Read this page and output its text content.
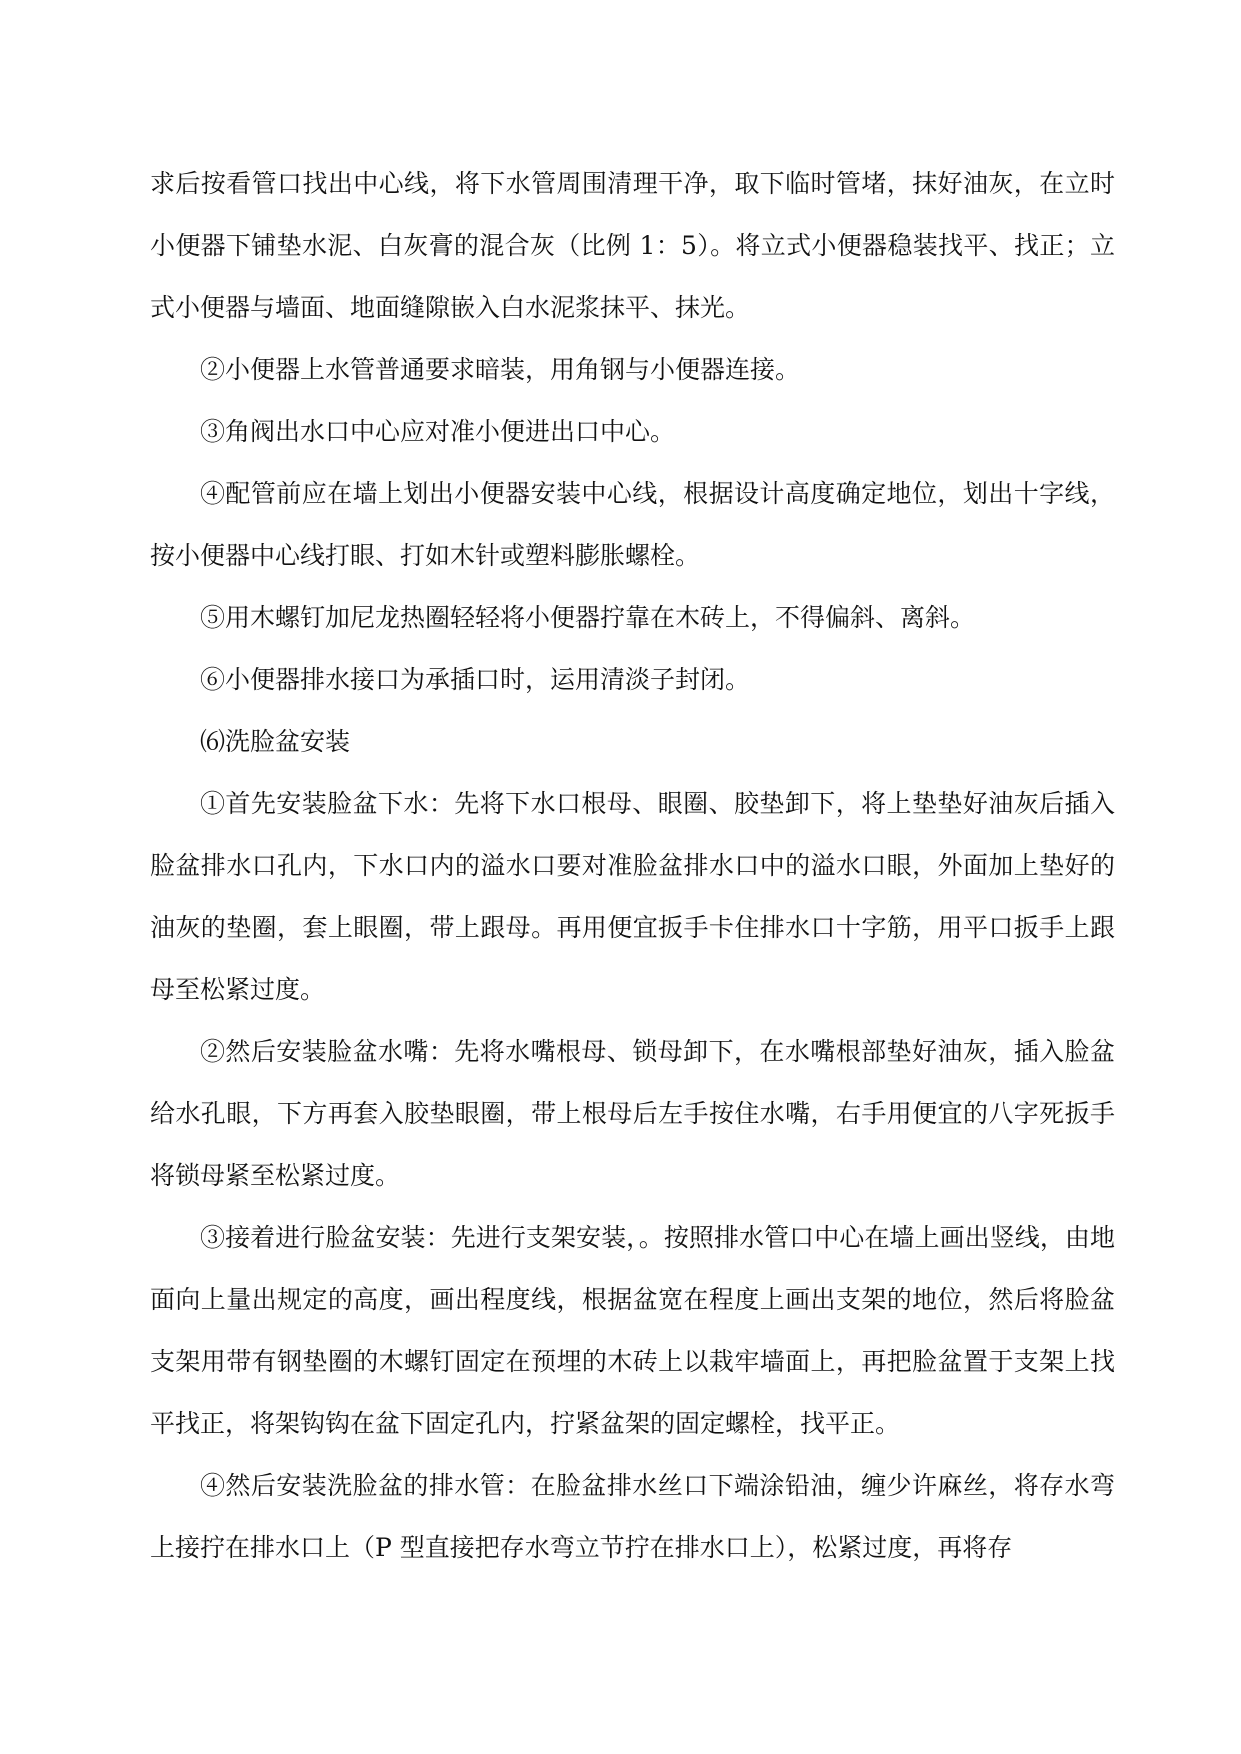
求后按看管口找出中心线，将下水管周围清理干净，取下临时管堵，抹好油灰，在立时小便器下铺垫水泥、白灰膏的混合灰（比例 1：5）。将立式小便器稳装找平、找正；立式小便器与墙面、地面缝隙嵌入白水泥浆抹平、抹光。

②小便器上水管普通要求暗装，用角钢与小便器连接。

③角阀出水口中心应对准小便进出口中心。

④配管前应在墙上划出小便器安装中心线，根据设计高度确定地位，划出十字线，按小便器中心线打眼、打如木针或塑料膨胀螺栓。

⑤用木螺钉加尼龙热圈轻轻将小便器拧靠在木砖上，不得偏斜、离斜。

⑥小便器排水接口为承插口时，运用清淡子封闭。

⑹洗脸盆安装

①首先安装脸盆下水：先将下水口根母、眼圈、胶垫卸下，将上垫垫好油灰后插入脸盆排水口孔内，下水口内的溢水口要对准脸盆排水口中的溢水口眼，外面加上垫好的油灰的垫圈，套上眼圈，带上跟母。再用便宜扳手卡住排水口十字筋，用平口扳手上跟母至松紧过度。

②然后安装脸盆水嘴：先将水嘴根母、锁母卸下，在水嘴根部垫好油灰，插入脸盆给水孔眼，下方再套入胶垫眼圈，带上根母后左手按住水嘴，右手用便宜的八字死扳手将锁母紧至松紧过度。

③接着进行脸盆安装：先进行支架安装，。按照排水管口中心在墙上画出竖线，由地面向上量出规定的高度，画出程度线，根据盆宽在程度上画出支架的地位，然后将脸盆支架用带有钢垫圈的木螺钉固定在预埋的木砖上以栽牢墙面上，再把脸盆置于支架上找平找正，将架钩钩在盆下固定孔内，拧紧盆架的固定螺栓，找平正。

④然后安装洗脸盆的排水管：在脸盆排水丝口下端涂铅油，缠少许麻丝，将存水弯上接拧在排水口上（P 型直接把存水弯立节拧在排水口上），松紧过度，再将存
